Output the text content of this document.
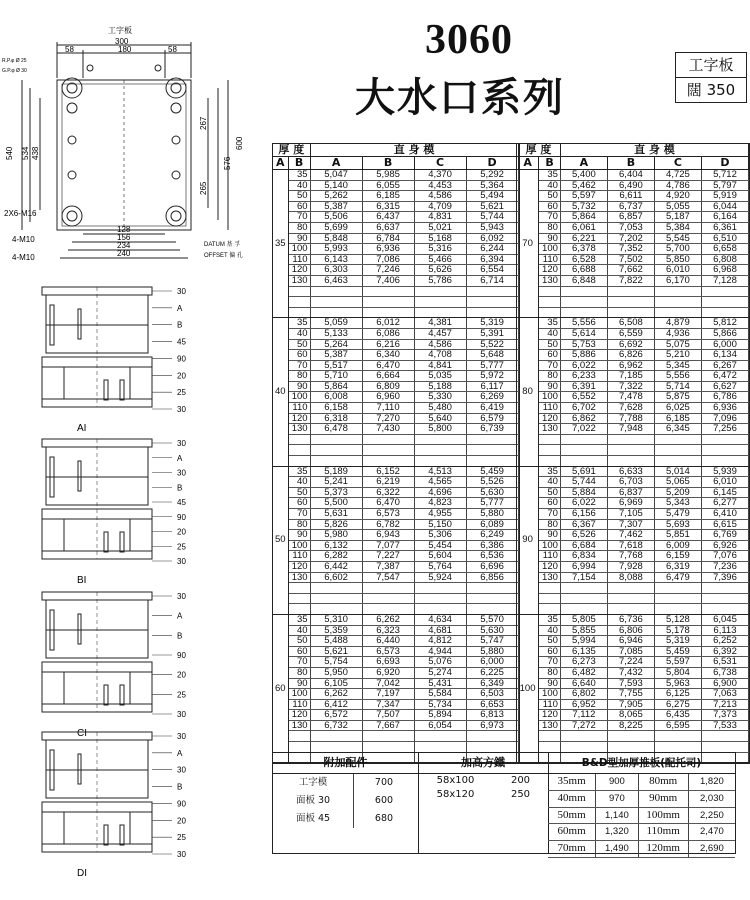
3060
大水口系列
工字板
闊 350
工字板
300
58	180	58
R.P.φ Ø 25
G.P.φ Ø 30
540 534 438
267
265
576
600
2X6-M16
4-M10
4-M10
128
156
234
240
DATUM 基 孚
OFFSET 偏 孔
30
A
B
45
90
20
25
30
AI
30
A
30
B
45
90
20
25
30
BI
30
A
B
90
20
25
30
CI	30
A
30
B
90
20
25
30
DI
厚 度		直 身 模			
A	B	A	B	C	D
35	35	5,047	5,985	4,370	5,292
	40	5,140	6,055	4,453	5,364
	50	5,262	6,185	4,586	5,494
	60	5,387	6,315	4,709	5,621
	70	5,506	6,437	4,831	5,744
	80	5,699	6,637	5,021	5,943
	90	5,848	6,784	5,168	6,092
	100	5,993	6,936	5,316	6,244
	110	6,143	7,086	5,466	6,394
	120	6,303	7,246	5,626	6,554
	130	6,463	7,406	5,786	6,714

40	35	5,059	6,012	4,381	5,319
	40	5,133	6,086	4,457	5,391
	50	5,264	6,216	4,586	5,522
	60	5,387	6,340	4,708	5,648
	70	5,517	6,470	4,841	5,777
	80	5,710	6,664	5,035	5,972
	90	5,864	6,809	5,188	6,117
	100	6,008	6,960	5,330	6,269
	110	6,158	7,110	5,480	6,419
	120	6,318	7,270	5,640	6,579
	130	6,478	7,430	5,800	6,739

50	35	5,189	6,152	4,513	5,459
	40	5,241	6,219	4,565	5,526
	50	5,373	6,322	4,696	5,630
	60	5,500	6,470	4,823	5,777
	70	5,631	6,573	4,955	5,880
	80	5,826	6,782	5,150	6,089
	90	5,980	6,943	5,306	6,249
	100	6,132	7,077	5,454	6,386
	110	6,282	7,227	5,604	6,536
	120	6,442	7,387	5,764	6,696
	130	6,602	7,547	5,924	6,856

60	35	5,310	6,262	4,634	5,570
	40	5,359	6,323	4,681	5,630
	50	5,488	6,440	4,812	5,747
	60	5,621	6,573	4,944	5,880
	70	5,754	6,693	5,076	6,000
	80	5,950	6,920	5,274	6,225
	90	6,105	7,042	5,431	6,349
	100	6,262	7,197	5,584	6,503
	110	6,412	7,347	5,734	6,653
	120	6,572	7,507	5,894	6,813
	130	6,732	7,667	6,054	6,973

厚 度		直 身 模			
A	B	A	B	C	D
70	35	5,400	6,404	4,725	5,712
	40	5,462	6,490	4,786	5,797
	50	5,597	6,611	4,920	5,919
	60	5,732	6,737	5,055	6,044
	70	5,864	6,857	5,187	6,164
	80	6,061	7,053	5,384	6,361
	90	6,221	7,202	5,545	6,510
	100	6,378	7,352	5,700	6,658
	110	6,528	7,502	5,850	6,808
	120	6,688	7,662	6,010	6,968
	130	6,848	7,822	6,170	7,128

80	35	5,556	6,508	4,879	5,812
	40	5,614	6,559	4,936	5,866
	50	5,753	6,692	5,075	6,000
	60	5,886	6,826	5,210	6,134
	70	6,022	6,962	5,345	6,267
	80	6,233	7,185	5,556	6,472
	90	6,391	7,322	5,714	6,627
	100	6,552	7,478	5,875	6,786
	110	6,702	7,628	6,025	6,936
	120	6,862	7,788	6,185	7,096
	130	7,022	7,948	6,345	7,256

90	35	5,691	6,633	5,014	5,939
	40	5,744	6,703	5,065	6,010
	50	5,884	6,837	5,209	6,145
	60	6,022	6,969	5,343	6,277
	70	6,156	7,105	5,479	6,410
	80	6,367	7,307	5,693	6,615
	90	6,526	7,462	5,851	6,769
	100	6,684	7,618	6,009	6,926
	110	6,834	7,768	6,159	7,076
	120	6,994	7,928	6,319	7,236
	130	7,154	8,088	6,479	7,396

100	35	5,805	6,736	5,128	6,045
	40	5,855	6,806	5,178	6,113
	50	5,994	6,946	5,319	6,252
	60	6,135	7,085	5,459	6,392
	70	6,273	7,224	5,597	6,531
	80	6,482	7,432	5,804	6,738
	90	6,640	7,593	5,963	6,900
	100	6,802	7,755	6,125	7,063
	110	6,952	7,905	6,275	7,213
	120	7,112	8,065	6,435	7,373
	130	7,272	8,225	6,595	7,533

附加配件
工字模	700
面板 30	600
面板 45	680
加高方鐵
58x100	200
58x120	250
B&D型加厚推板(配托司)
35mm	900	80mm	1,820
40mm	970	90mm	2,030
50mm	1,140	100mm	2,250
60mm	1,320	110mm	2,470
70mm	1,490	120mm	2,690
